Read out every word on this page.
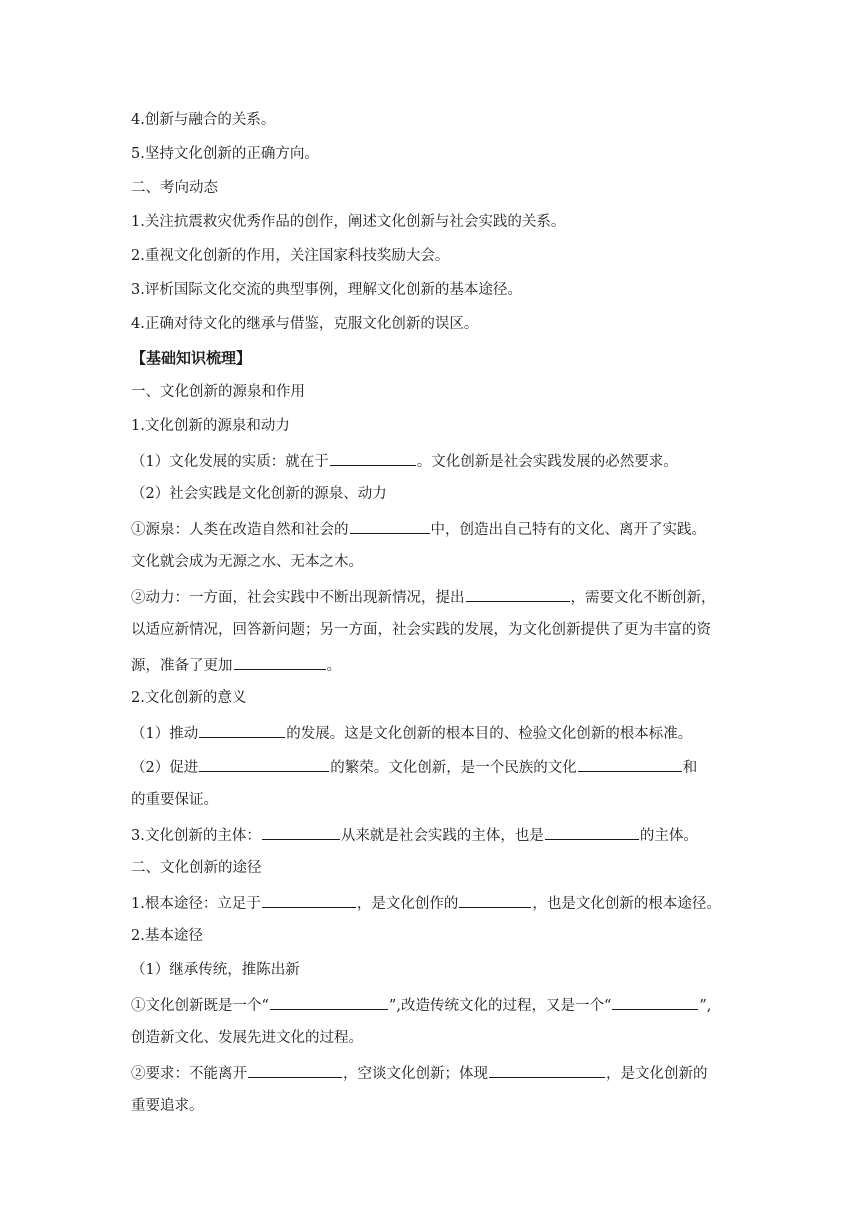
4.创新与融合的关系。
5.坚持文化创新的正确方向。
二、考向动态
1.关注抗震救灾优秀作品的创作，阐述文化创新与社会实践的关系。
2.重视文化创新的作用，关注国家科技奖励大会。
3.评析国际文化交流的典型事例，理解文化创新的基本途径。
4.正确对待文化的继承与借鉴，克服文化创新的误区。
【基础知识梳理】
一、文化创新的源泉和作用
1.文化创新的源泉和动力
（1）文化发展的实质：就在于	。文化创新是社会实践发展的必然要求。
（2）社会实践是文化创新的源泉、动力
①源泉：人类在改造自然和社会的	中，创造出自己特有的文化、离开了实践。
文化就会成为无源之水、无本之木。
②动力：一方面，社会实践中不断出现新情况，提出	，需要文化不断创新，
以适应新情况，回答新问题；另一方面，社会实践的发展，为文化创新提供了更为丰富的资
源，准备了更加	。
2.文化创新的意义
（1）推动	的发展。这是文化创新的根本目的、检验文化创新的根本标准。
（2）促进	的繁荣。文化创新，是一个民族的文化	和
的重要保证。
3.文化创新的主体：	从来就是社会实践的主体，也是	的主体。
二、文化创新的途径
1.根本途径：立足于	，是文化创作的	，也是文化创新的根本途径。
2.基本途径
（1）继承传统，推陈出新
①文化创新既是一个“	”,改造传统文化的过程，又是一个“	”,
创造新文化、发展先进文化的过程。
②要求：不能离开	，空谈文化创新；体现	，是文化创新的
重要追求。
